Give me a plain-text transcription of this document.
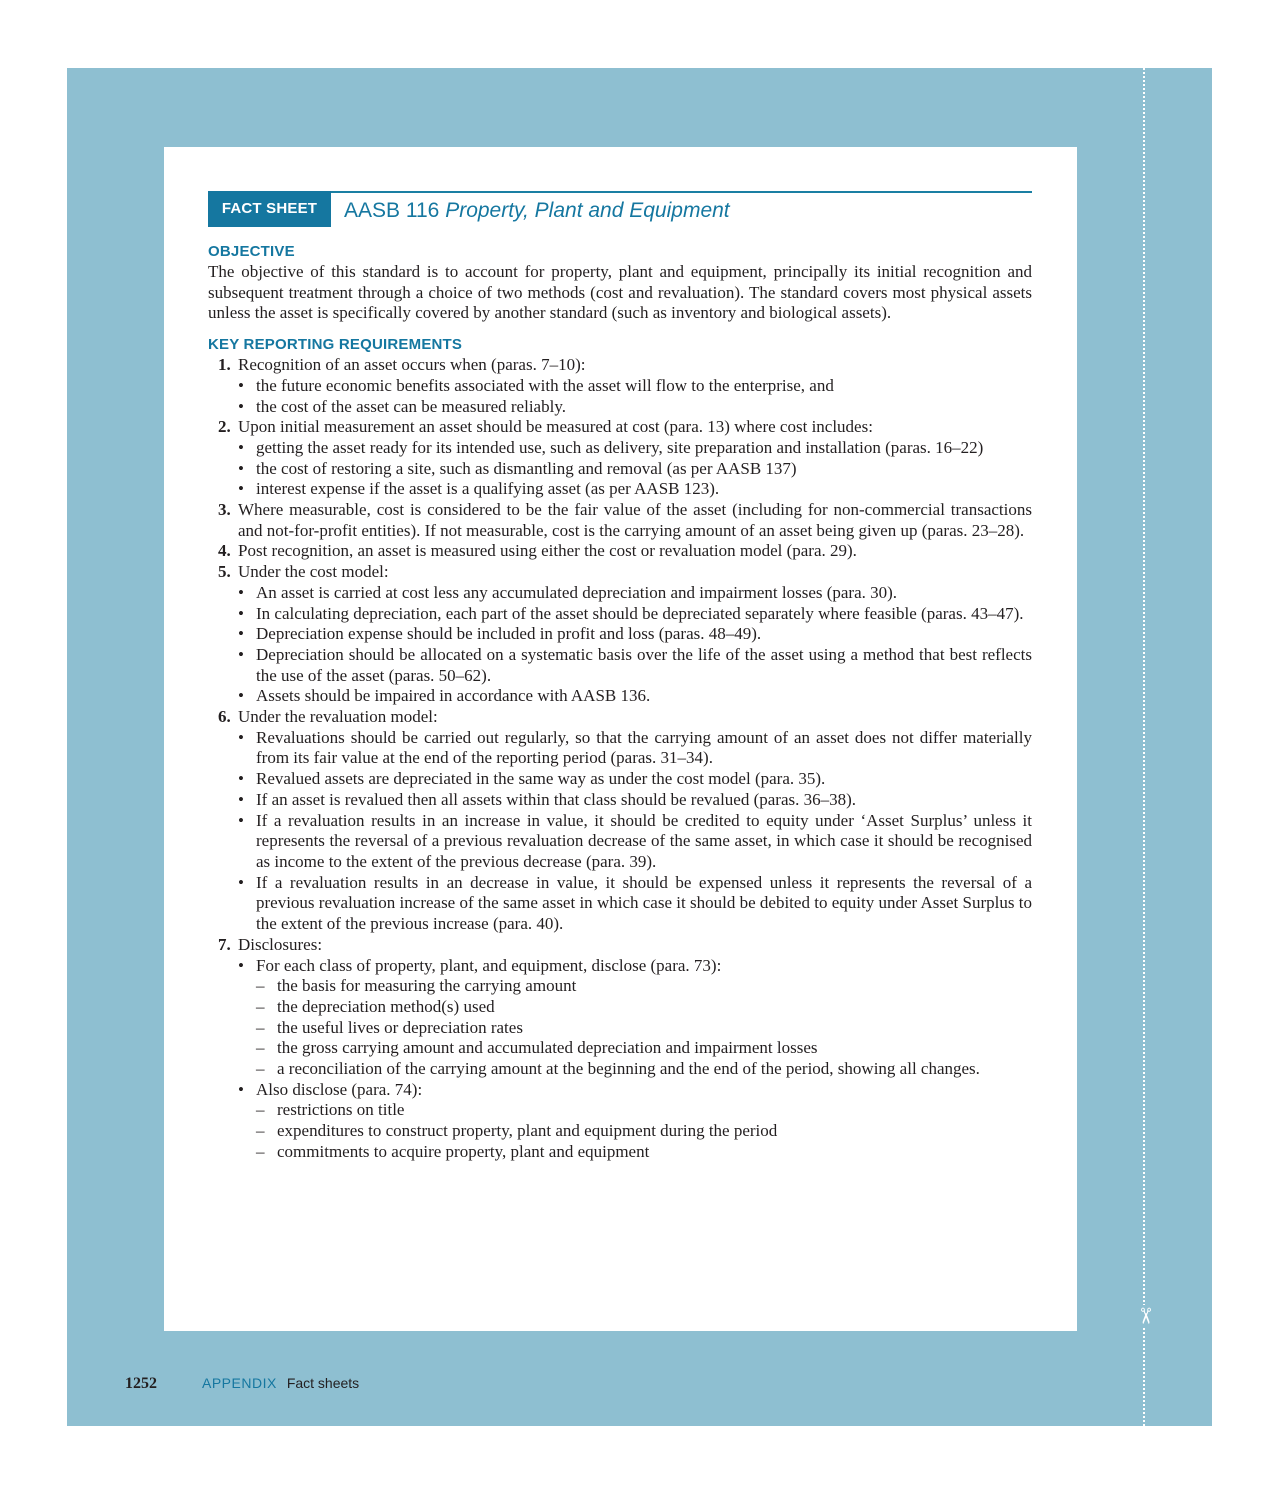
✂
FACT SHEET	AASB 116 Property, Plant and Equipment
OBJECTIVE

The objective of this standard is to account for property, plant and equipment, principally its initial recognition and subsequent treatment through a choice of two methods (cost and revaluation). The standard covers most physical assets unless the asset is specifically covered by another standard (such as inventory and biological assets).

KEY REPORTING REQUIREMENTS
1. Recognition of an asset occurs when (paras. 7–10):
• the future economic benefits associated with the asset will flow to the enterprise, and
• the cost of the asset can be measured reliably.
2. Upon initial measurement an asset should be measured at cost (para. 13) where cost includes:
• getting the asset ready for its intended use, such as delivery, site preparation and installation (paras. 16–22)
• the cost of restoring a site, such as dismantling and removal (as per AASB 137)
• interest expense if the asset is a qualifying asset (as per AASB 123).
3. Where measurable, cost is considered to be the fair value of the asset (including for non-commercial transactions and not-for-profit entities). If not measurable, cost is the carrying amount of an asset being given up (paras. 23–28).
4. Post recognition, an asset is measured using either the cost or revaluation model (para. 29).
5. Under the cost model:
• An asset is carried at cost less any accumulated depreciation and impairment losses (para. 30).
• In calculating depreciation, each part of the asset should be depreciated separately where feasible (paras. 43–47).
• Depreciation expense should be included in profit and loss (paras. 48–49).
• Depreciation should be allocated on a systematic basis over the life of the asset using a method that best reflects the use of the asset (paras. 50–62).
• Assets should be impaired in accordance with AASB 136.
6. Under the revaluation model:
• Revaluations should be carried out regularly, so that the carrying amount of an asset does not differ materially from its fair value at the end of the reporting period (paras. 31–34).
• Revalued assets are depreciated in the same way as under the cost model (para. 35).
• If an asset is revalued then all assets within that class should be revalued (paras. 36–38).
• If a revaluation results in an increase in value, it should be credited to equity under ‘Asset Surplus’ unless it represents the reversal of a previous revaluation decrease of the same asset, in which case it should be recognised as income to the extent of the previous decrease (para. 39).
• If a revaluation results in an decrease in value, it should be expensed unless it represents the reversal of a previous revaluation increase of the same asset in which case it should be debited to equity under Asset Surplus to the extent of the previous increase (para. 40).
7. Disclosures:
• For each class of property, plant, and equipment, disclose (para. 73):
– the basis for measuring the carrying amount
– the depreciation method(s) used
– the useful lives or depreciation rates
– the gross carrying amount and accumulated depreciation and impairment losses
– a reconciliation of the carrying amount at the beginning and the end of the period, showing all changes.
• Also disclose (para. 74):
– restrictions on title
– expenditures to construct property, plant and equipment during the period
– commitments to acquire property, plant and equipment
1252	APPENDIX Fact sheets
